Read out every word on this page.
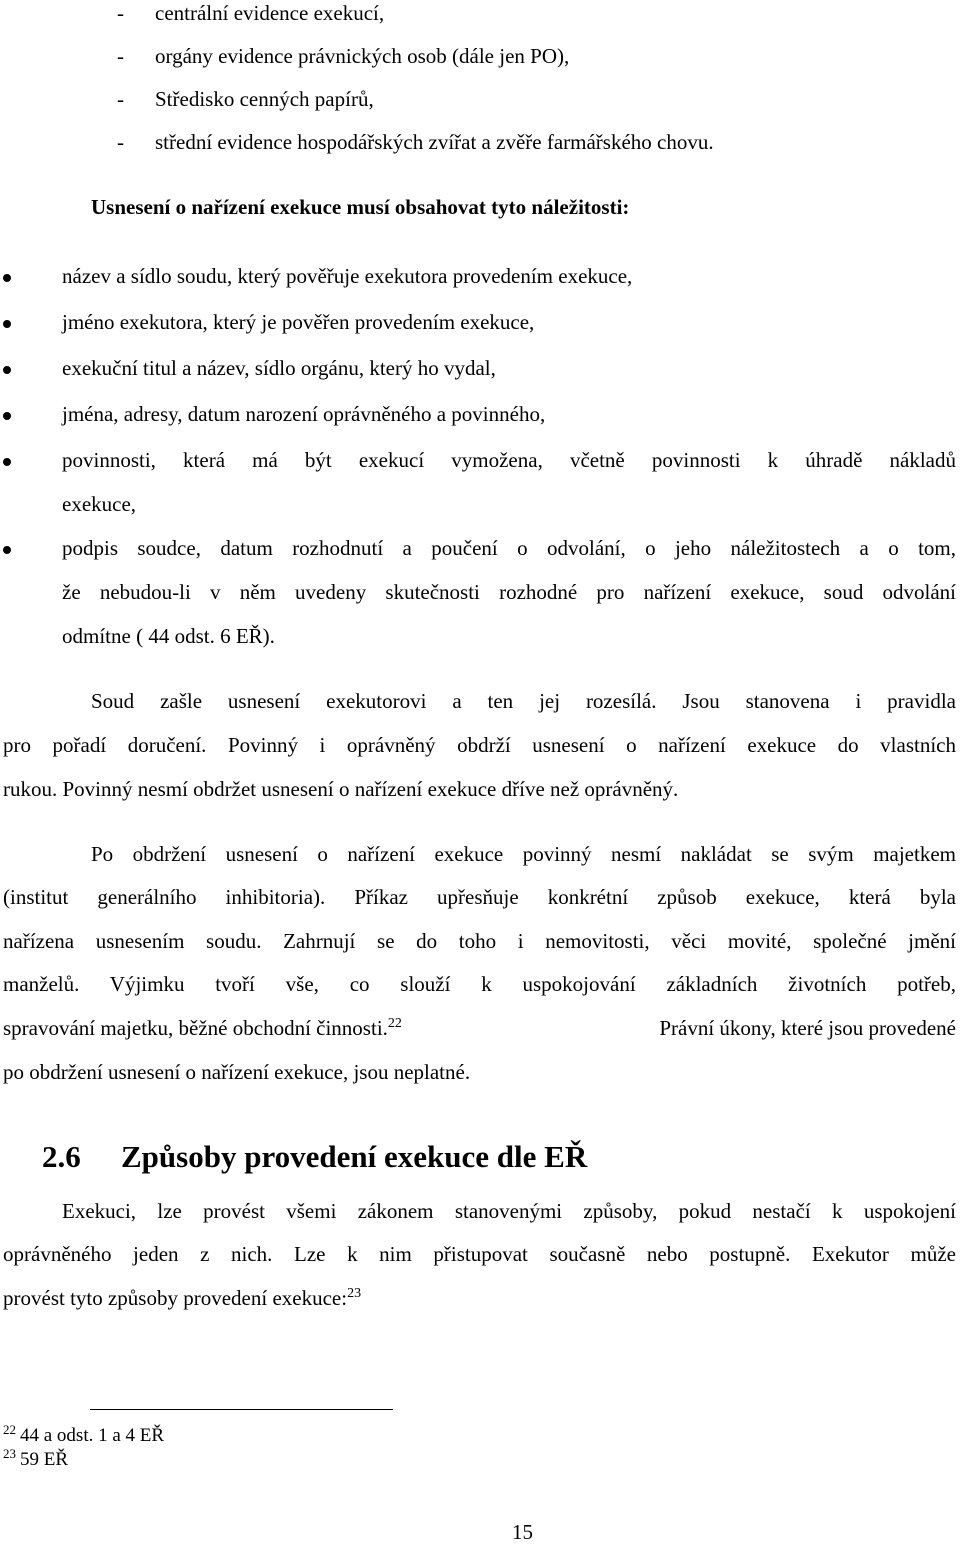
- centrální evidence exekucí,
- orgány evidence právnických osob (dále jen PO),
- Středisko cenných papírů,
- střední evidence hospodářských zvířat a zvěře farmářského chovu.
Usnesení o nařízení exekuce musí obsahovat tyto náležitosti:
název a sídlo soudu, který pověřuje exekutora provedením exekuce,
jméno exekutora, který je pověřen provedením exekuce,
exekuční titul a název, sídlo orgánu, který ho vydal,
jména, adresy, datum narození oprávněného a povinného,
povinnosti, která má být exekucí vymožena, včetně povinnosti k úhradě nákladů
exekuce,
podpis soudce, datum rozhodnutí a poučení o odvolání, o jeho náležitostech a o tom,
že nebudou-li v něm uvedeny skutečnosti rozhodné pro nařízení exekuce, soud odvolání
odmítne ( 44 odst. 6 EŘ).
Soud zašle usnesení exekutorovi a ten jej rozesílá. Jsou stanovena i pravidla
pro pořadí doručení. Povinný i oprávněný obdrží usnesení o nařízení exekuce do vlastních
rukou. Povinný nesmí obdržet usnesení o nařízení exekuce dříve než oprávněný.
Po obdržení usnesení o nařízení exekuce povinný nesmí nakládat se svým majetkem
(institut generálního inhibitoria). Příkaz upřesňuje konkrétní způsob exekuce, která byla
nařízena usnesením soudu. Zahrnují se do toho i nemovitosti, věci movité, společné jmění
manželů. Výjimku tvoří vše, co slouží k uspokojování základních životních potřeb,
spravování majetku, běžné obchodní činnosti.$^{22}$	Právní úkony, které jsou provedené
po obdržení usnesení o nařízení exekuce, jsou neplatné.
2.6 Způsoby provedení exekuce dle EŘ
Exekuci, lze provést všemi zákonem stanovenými způsoby, pokud nestačí k uspokojení
oprávněného jeden z nich. Lze k nim přistupovat současně nebo postupně. Exekutor může
provést tyto způsoby provedení exekuce:$^{23}$
22 44 a odst. 1 a 4 EŘ
23 59 EŘ
15
